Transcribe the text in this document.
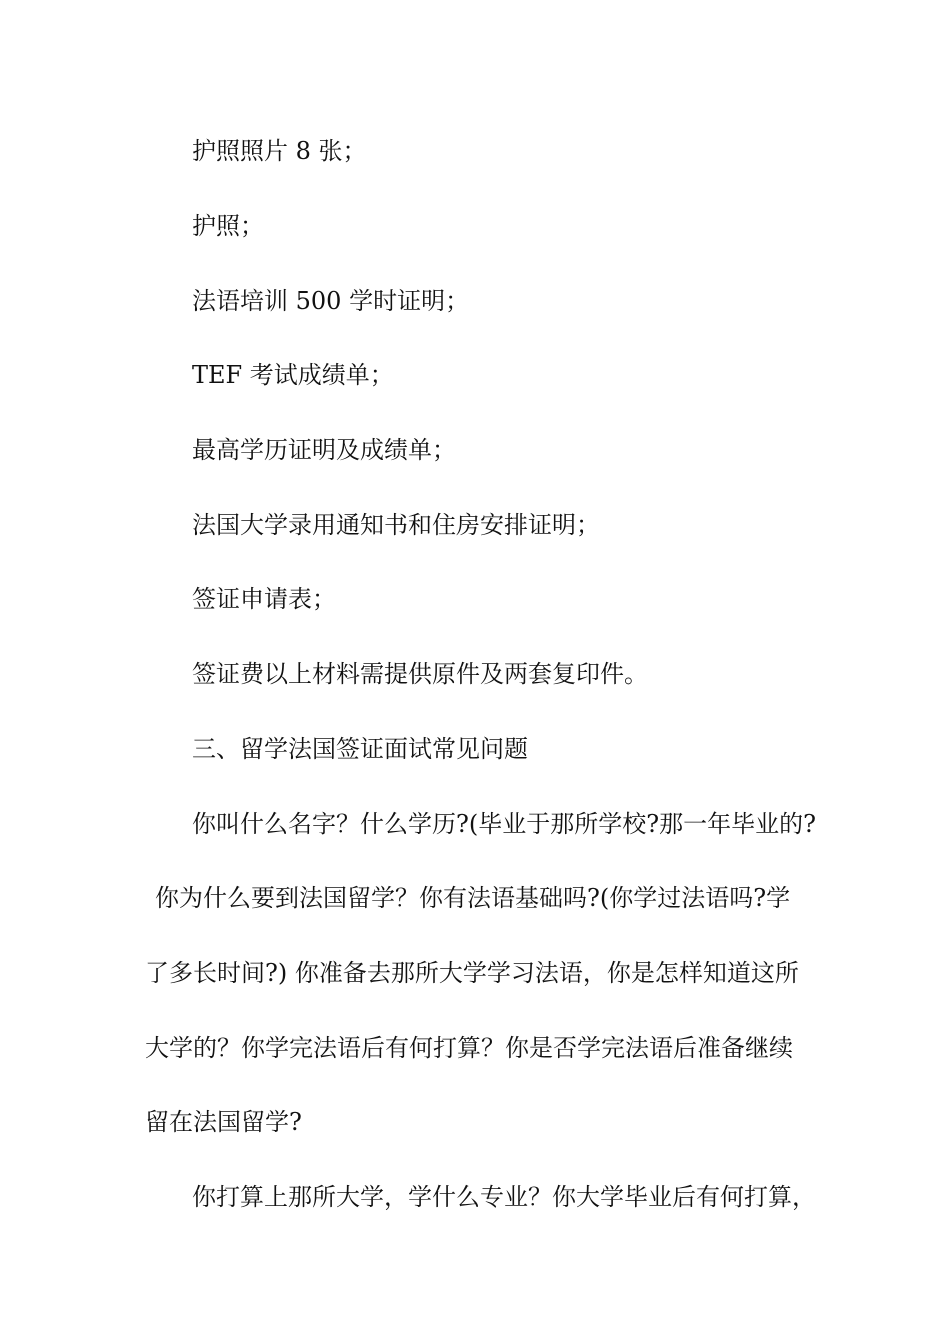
护照照片 8 张；
护照；
法语培训 500 学时证明；
TEF 考试成绩单；
最高学历证明及成绩单；
法国大学录用通知书和住房安排证明；
签证申请表；
签证费以上材料需提供原件及两套复印件。
三、留学法国签证面试常见问题
你叫什么名字？什么学历?(毕业于那所学校?那一年毕业的?
你为什么要到法国留学？你有法语基础吗?(你学过法语吗?学
了多长时间?) 你准备去那所大学学习法语，你是怎样知道这所
大学的？你学完法语后有何打算？你是否学完法语后准备继续
留在法国留学?
你打算上那所大学，学什么专业？你大学毕业后有何打算，
